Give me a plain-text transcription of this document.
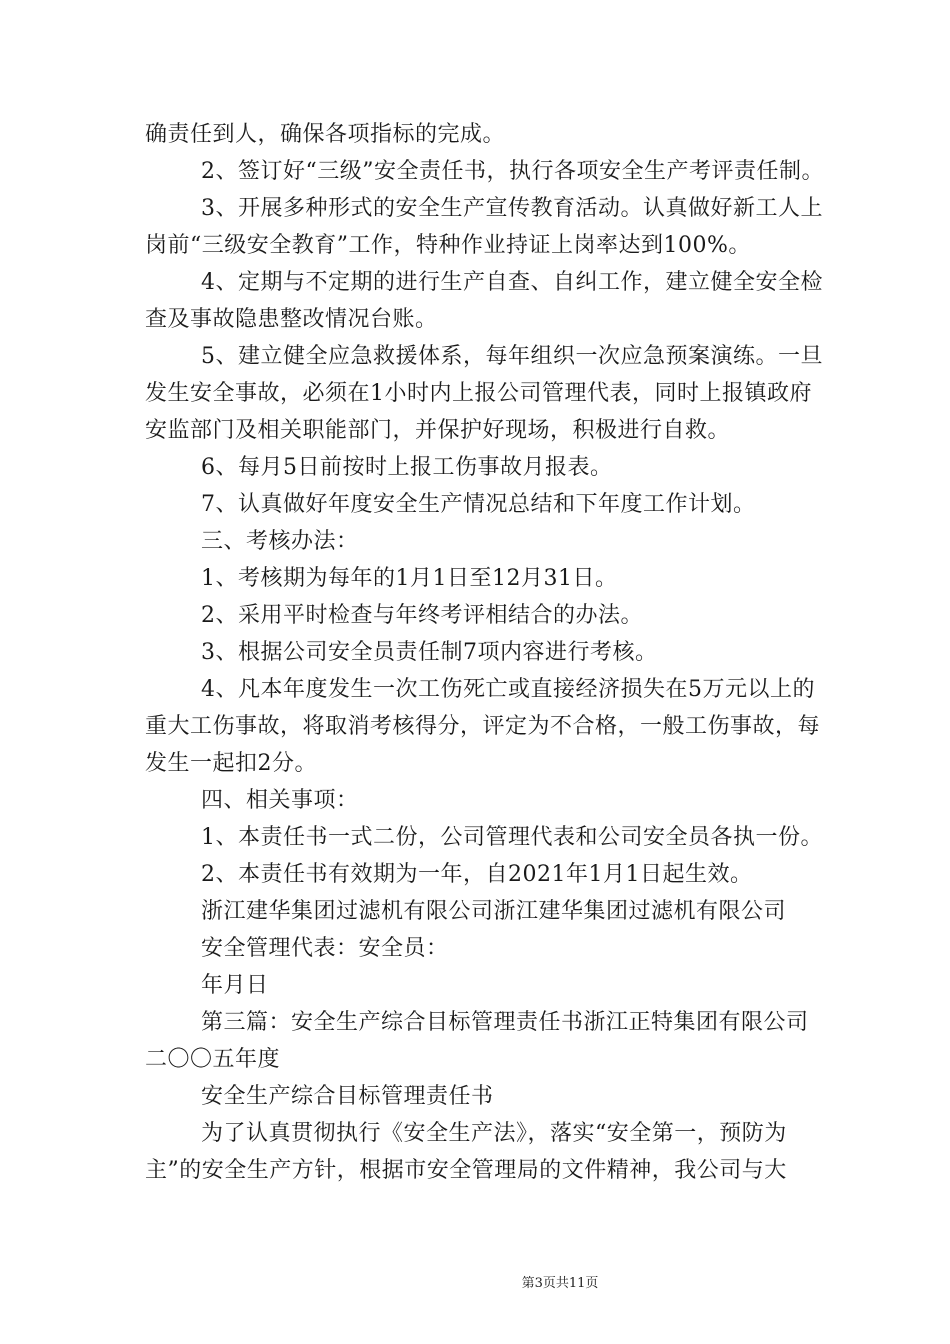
确责任到人，确保各项指标的完成。

2、签订好“三级”安全责任书，执行各项安全生产考评责任制。

3、开展多种形式的安全生产宣传教育活动。认真做好新工人上岗前“三级安全教育”工作，特种作业持证上岗率达到100%。

4、定期与不定期的进行生产自查、自纠工作，建立健全安全检查及事故隐患整改情况台账。

5、建立健全应急救援体系，每年组织一次应急预案演练。一旦发生安全事故，必须在1小时内上报公司管理代表，同时上报镇政府安监部门及相关职能部门，并保护好现场，积极进行自救。

6、每月5日前按时上报工伤事故月报表。

7、认真做好年度安全生产情况总结和下年度工作计划。

三、考核办法：

1、考核期为每年的1月1日至12月31日。

2、采用平时检查与年终考评相结合的办法。

3、根据公司安全员责任制7项内容进行考核。

4、凡本年度发生一次工伤死亡或直接经济损失在5万元以上的重大工伤事故，将取消考核得分，评定为不合格，一般工伤事故，每发生一起扣2分。

四、相关事项：

1、本责任书一式二份，公司管理代表和公司安全员各执一份。

2、本责任书有效期为一年，自2021年1月1日起生效。

浙江建华集团过滤机有限公司浙江建华集团过滤机有限公司

安全管理代表：安全员：

年月日

第三篇：安全生产综合目标管理责任书浙江正特集团有限公司二〇〇五年度

安全生产综合目标管理责任书

为了认真贯彻执行《安全生产法》，落实“安全第一，预防为主”的安全生产方针，根据市安全管理局的文件精神，我公司与大

第3页共11页
